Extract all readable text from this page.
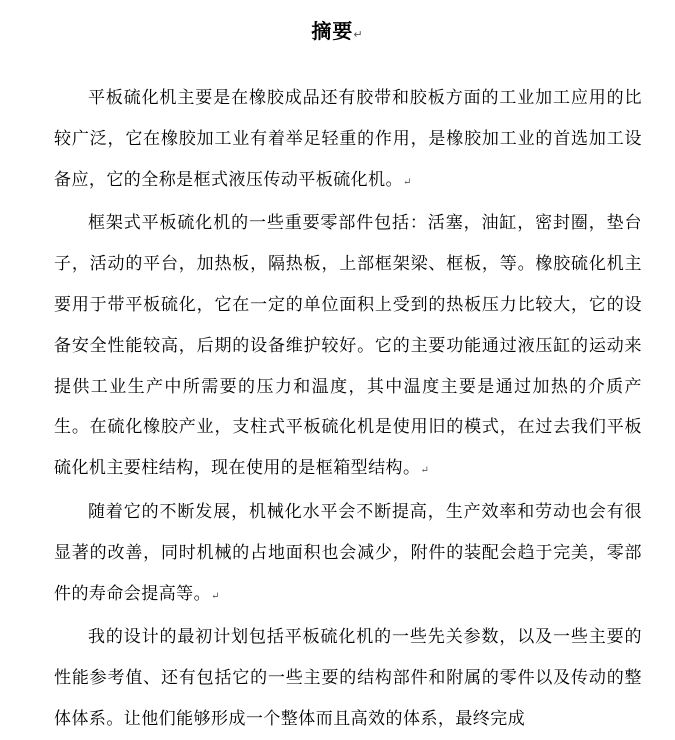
摘要↵

平板硫化机主要是在橡胶成品还有胶带和胶板方面的工业加工应用的比较广泛，它在橡胶加工业有着举足轻重的作用，是橡胶加工业的首选加工设备应，它的全称是框式液压传动平板硫化机。↵

框架式平板硫化机的一些重要零部件包括：活塞，油缸，密封圈，垫台子，活动的平台，加热板，隔热板，上部框架梁、框板，等。橡胶硫化机主要用于带平板硫化，它在一定的单位面积上受到的热板压力比较大，它的设备安全性能较高，后期的设备维护较好。它的主要功能通过液压缸的运动来提供工业生产中所需要的压力和温度，其中温度主要是通过加热的介质产生。在硫化橡胶产业，支柱式平板硫化机是使用旧的模式，在过去我们平板硫化机主要柱结构，现在使用的是框箱型结构。↵

随着它的不断发展，机械化水平会不断提高，生产效率和劳动也会有很显著的改善，同时机械的占地面积也会减少，附件的装配会趋于完美，零部件的寿命会提高等。↵

我的设计的最初计划包括平板硫化机的一些先关参数，以及一些主要的性能参考值、还有包括它的一些主要的结构部件和附属的零件以及传动的整体体系。让他们能够形成一个整体而且高效的体系，最终完成
